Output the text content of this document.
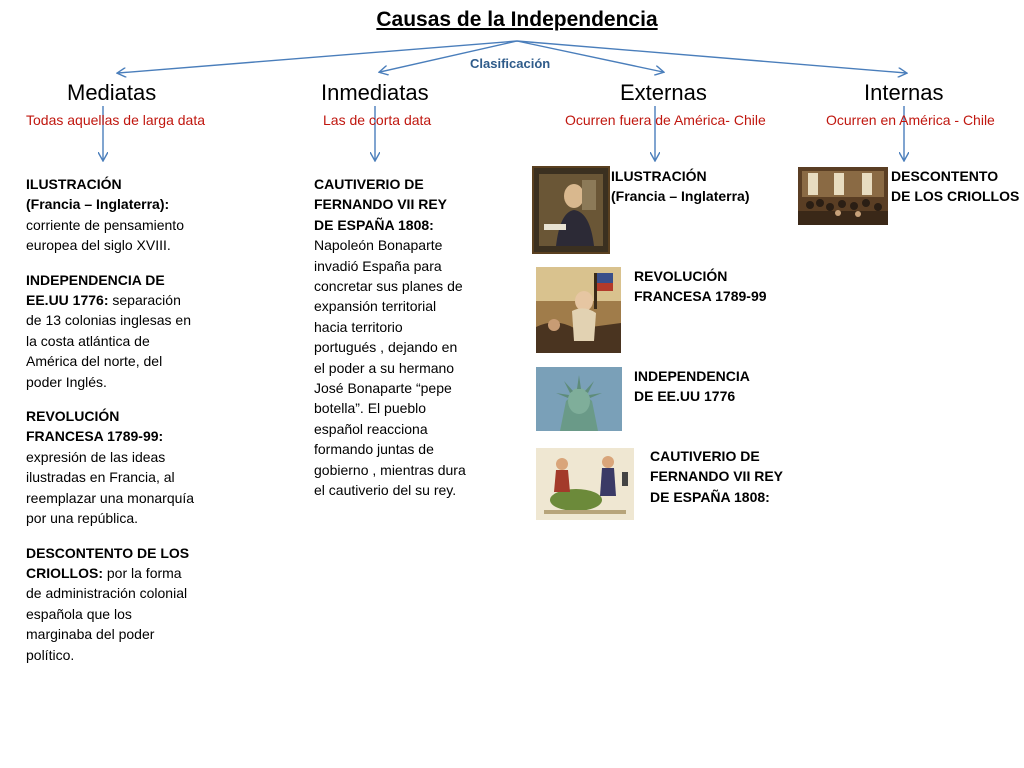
Causas de la Independencia
Clasificación
Mediatas	Inmediatas	Externas	Internas
Todas aquellas de larga data	Las de corta data	Ocurren fuera de América- Chile	Ocurren en América - Chile

ILUSTRACIÓN
(Francia – Inglaterra): corriente de pensamiento europea del siglo XVIII.

INDEPENDENCIA DE EE.UU 1776: separación de 13 colonias inglesas en la costa atlántica de América del norte, del poder Inglés.

REVOLUCIÓN FRANCESA 1789-99: expresión de las ideas ilustradas en Francia, al reemplazar una monarquía por una república.

DESCONTENTO DE LOS CRIOLLOS: por la forma de administración colonial española que los marginaba del poder político.

CAUTIVERIO DE FERNANDO VII REY DE ESPAÑA 1808: Napoleón Bonaparte invadió España para concretar sus planes de expansión territorial hacia territorio portugués , dejando en el poder a su hermano José Bonaparte “pepe botella”. El pueblo español reacciona formando juntas de gobierno , mientras dura el cautiverio del su rey.

ILUSTRACIÓN
(Francia – Inglaterra)
REVOLUCIÓN
FRANCESA 1789-99
INDEPENDENCIA
DE EE.UU 1776
CAUTIVERIO DE
FERNANDO VII REY
DE ESPAÑA 1808:
DESCONTENTO
DE LOS CRIOLLOS
